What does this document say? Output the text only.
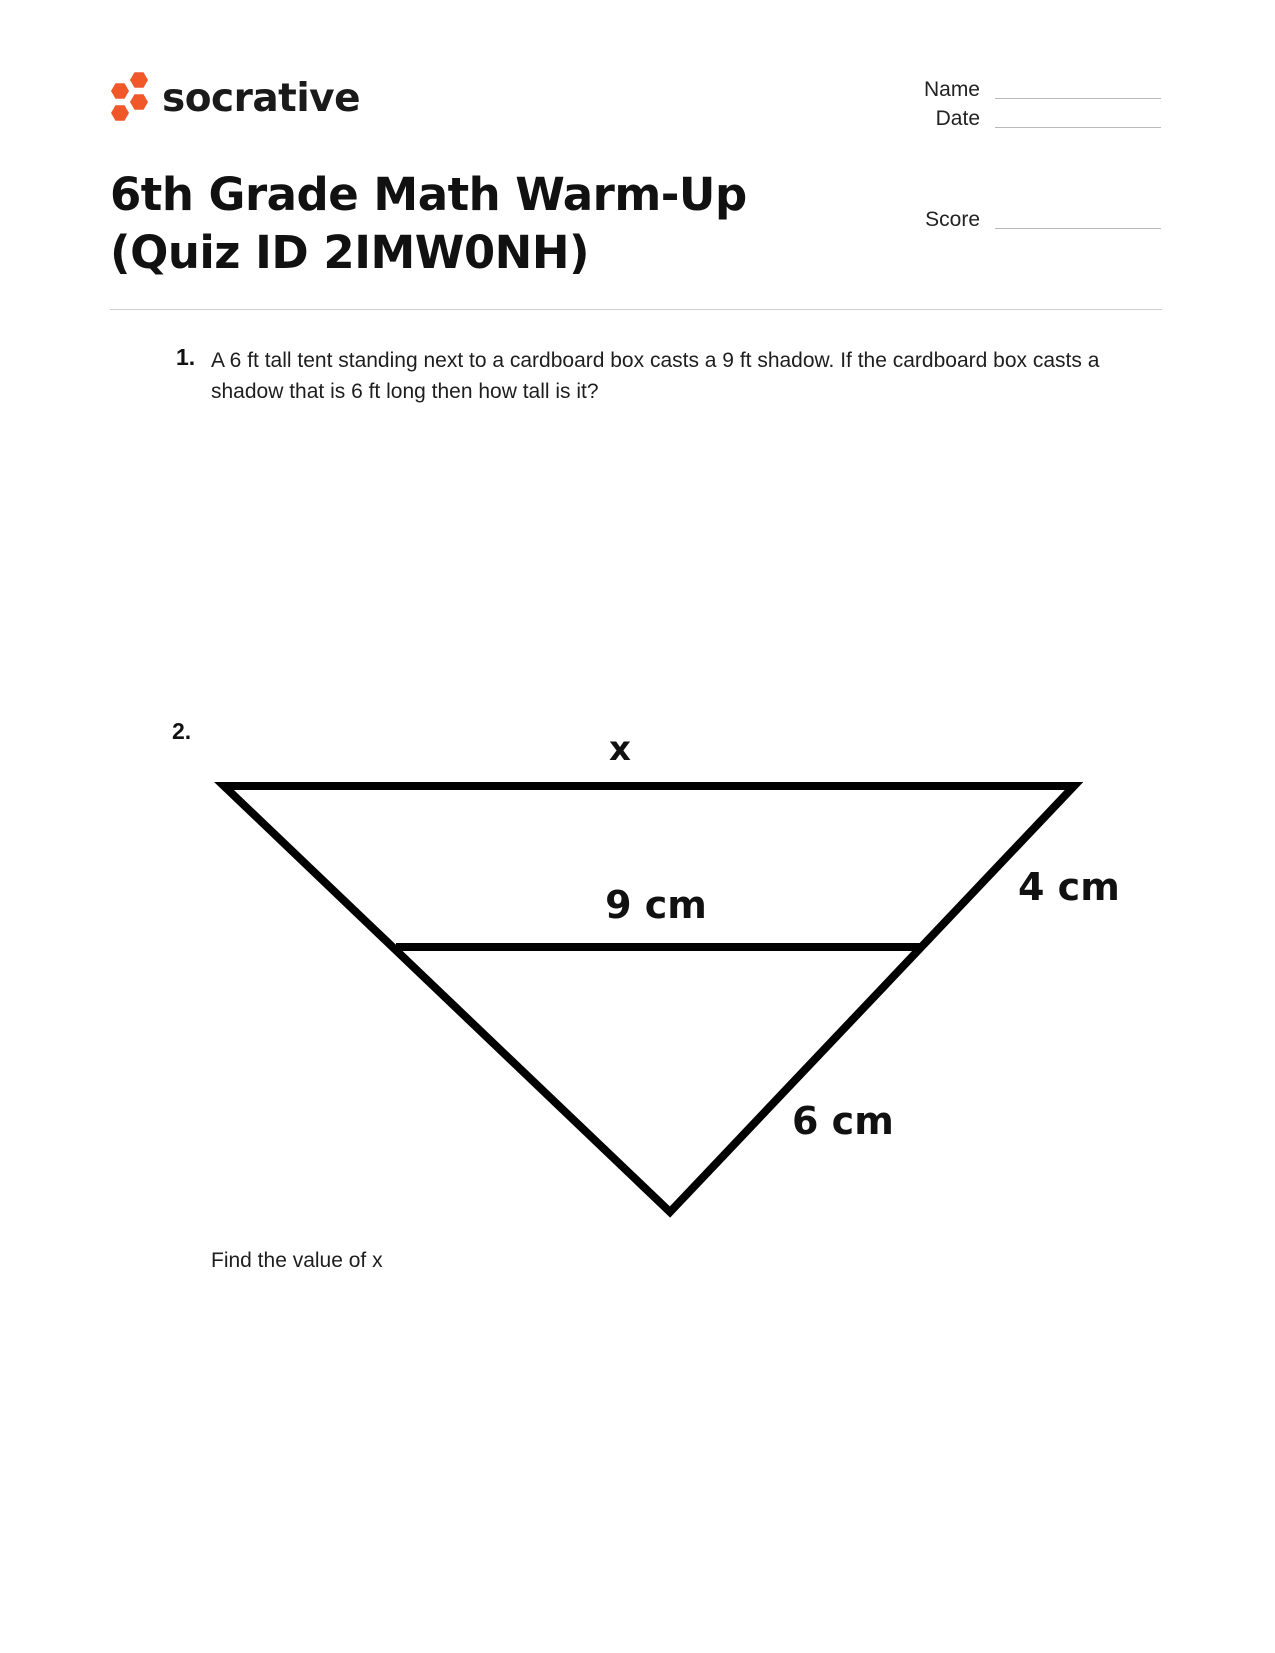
socrative	Name
Date
Score
6th Grade Math Warm-Up (Quiz ID 2IMW0NH)
1. A 6 ft tall tent standing next to a cardboard box casts a 9 ft shadow. If the cardboard box casts a shadow that is 6 ft long then how tall is it?

2.	x
9 cm	4 cm
6 cm
Find the value of x
